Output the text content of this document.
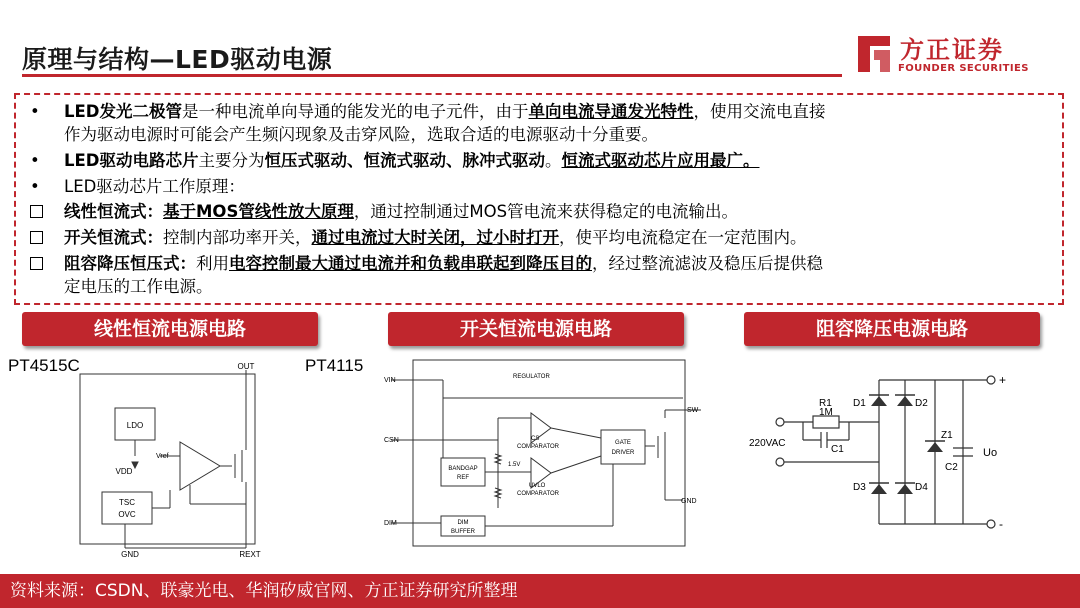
原理与结构—LED驱动电源	方正证券
FOUNDER SECURITIES
• LED发光二极管是一种电流单向导通的能发光的电子元件，由于单向电流导通发光特性，使用交流电直接
作为驱动电源时可能会产生频闪现象及击穿风险，选取合适的电源驱动十分重要。
• LED驱动电路芯片主要分为恒压式驱动、恒流式驱动、脉冲式驱动。恒流式驱动芯片应用最广。
• LED驱动芯片工作原理：
线性恒流式：基于MOS管线性放大原理，通过控制通过MOS管电流来获得稳定的电流输出。
开关恒流式：控制内部功率开关，通过电流过大时关闭，过小时打开，使平均电流稳定在一定范围内。
阻容降压恒压式：利用电容控制最大通过电流并和负载串联起到降压目的，经过整流滤波及稳压后提供稳
定电压的工作电源。
线性恒流电源电路	开关恒流电源电路	阻容降压电源电路
PT4515C	PT4115
OUT
LDO
VDD
Vref
TSC
OVC
GND	REXT
VIN
CSN
DIM
SW
GND
REGULATOR
CS
COMPARATOR
UVLO
COMPARATOR
GATE
DRIVER
BANDGAP
REF
DIM
BUFFER
1.5V
R1
1M
C1
220VAC
D1	D2
D3	D4
Z1
C2
Uo
+
-
资料来源：CSDN、联豪光电、华润矽威官网、方正证券研究所整理
